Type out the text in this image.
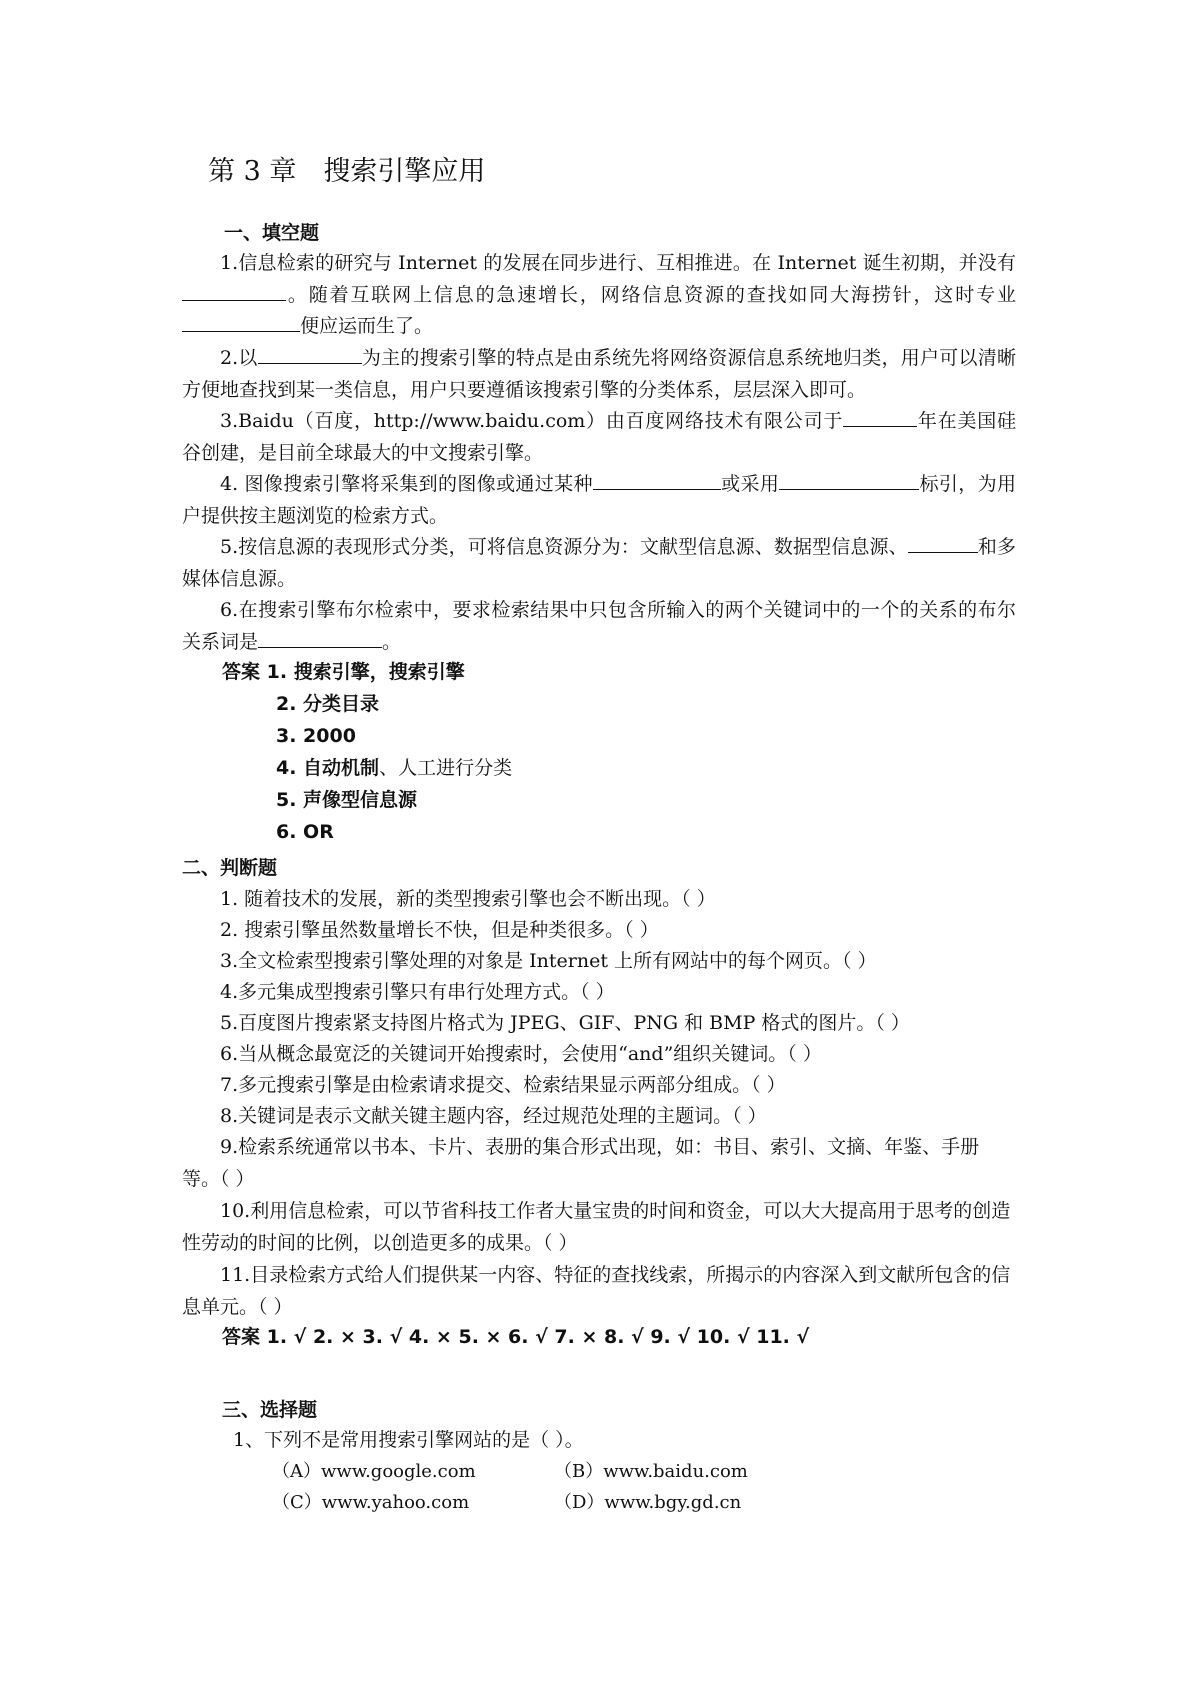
第 3 章　搜索引擎应用
一、填空题
1.信息检索的研究与 Internet 的发展在同步进行、互相推进。在 Internet 诞生初期，并没有。随着互联网上信息的急速增长，网络信息资源的查找如同大海捞针，这时专业便应运而生了。
2.以	为主的搜索引擎的特点是由系统先将网络资源信息系统地归类，用户可以清晰方便地查找到某一类信息，用户只要遵循该搜索引擎的分类体系，层层深入即可。
3.Baidu（百度，http://www.baidu.com）由百度网络技术有限公司于	年在美国硅谷创建，是目前全球最大的中文搜索引擎。
4. 图像搜索引擎将采集到的图像或通过某种	或采用	标引，为用户提供按主题浏览的检索方式。
5.按信息源的表现形式分类，可将信息资源分为：文献型信息源、数据型信息源、	和多媒体信息源。
6.在搜索引擎布尔检索中，要求检索结果中只包含所输入的两个关键词中的一个的关系的布尔关系词是	。
答案 1. 搜索引擎，搜索引擎
2. 分类目录
3. 2000
4. 自动机制、人工进行分类
5. 声像型信息源
6. OR
二、判断题
1. 随着技术的发展，新的类型搜索引擎也会不断出现。（ ）
2. 搜索引擎虽然数量增长不快，但是种类很多。（ ）
3.全文检索型搜索引擎处理的对象是 Internet 上所有网站中的每个网页。（ ）
4.多元集成型搜索引擎只有串行处理方式。（ ）
5.百度图片搜索紧支持图片格式为 JPEG、GIF、PNG 和 BMP 格式的图片。（ ）
6.当从概念最宽泛的关键词开始搜索时，会使用“and”组织关键词。（ ）
7.多元搜索引擎是由检索请求提交、检索结果显示两部分组成。（ ）
8.关键词是表示文献关键主题内容，经过规范处理的主题词。（ ）
9.检索系统通常以书本、卡片、表册的集合形式出现，如：书目、索引、文摘、年鉴、手册等。（ ）
10.利用信息检索，可以节省科技工作者大量宝贵的时间和资金，可以大大提高用于思考的创造性劳动的时间的比例，以创造更多的成果。（ ）
11.目录检索方式给人们提供某一内容、特征的查找线索，所揭示的内容深入到文献所包含的信息单元。（ ）
答案 1. √ 2. × 3. √ 4. × 5. × 6. √ 7. × 8. √ 9. √ 10. √ 11. √
三、选择题
1、下列不是常用搜索引擎网站的是（ ）。
（A）www.google.com	（B）www.baidu.com
（C）www.yahoo.com	（D）www.bgy.gd.cn
